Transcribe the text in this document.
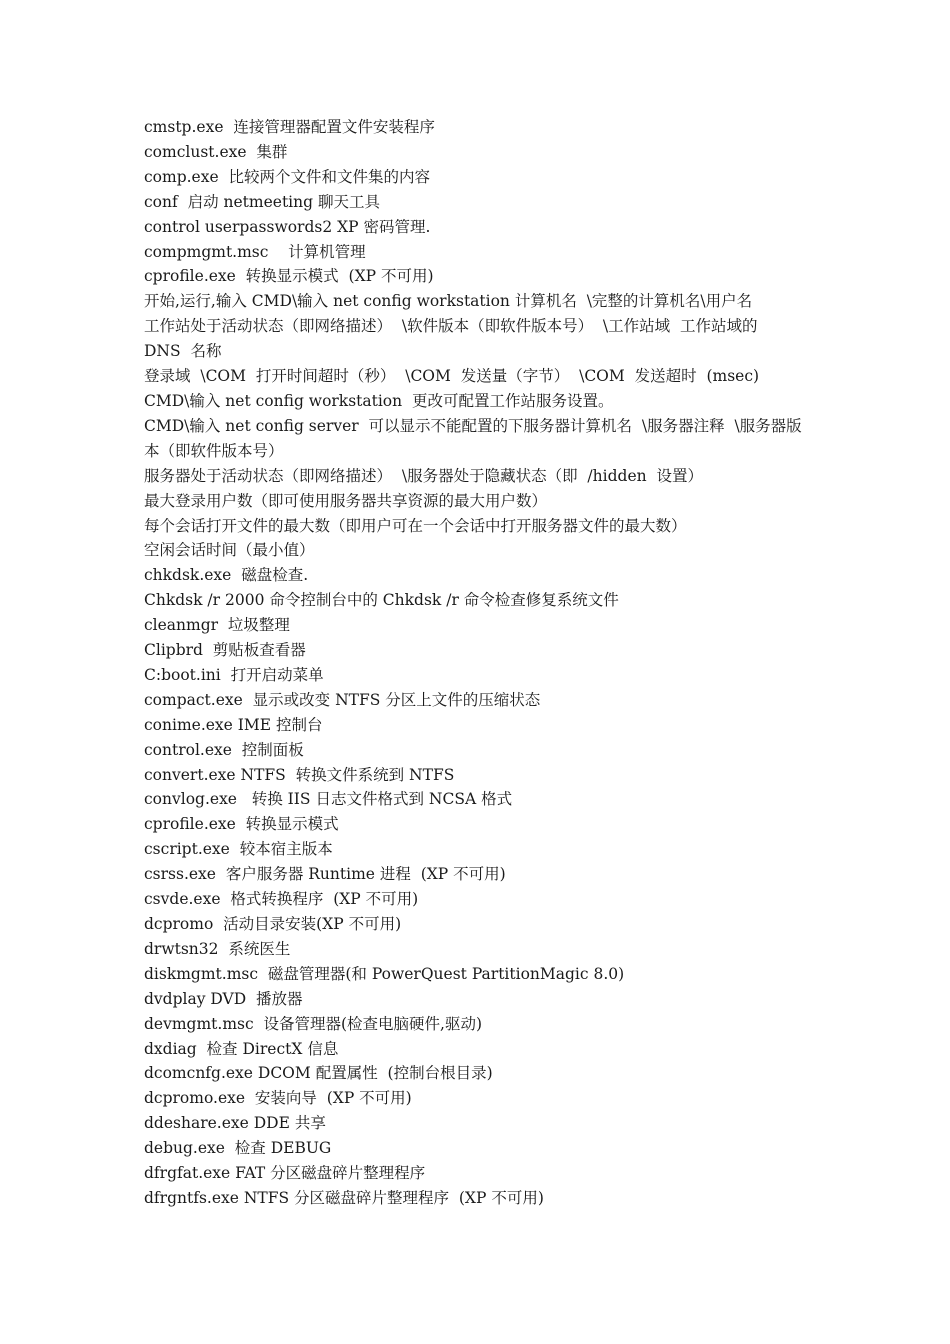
cmstp.exe  连接管理器配置文件安装程序
comclust.exe  集群
comp.exe  比较两个文件和文件集的内容
conf  启动 netmeeting 聊天工具
control userpasswords2 XP 密码管理.
compmgmt.msc    计算机管理
cprofile.exe  转换显示模式  (XP 不可用)
开始,运行,输入 CMD\输入 net config workstation 计算机名  \完整的计算机名\用户名
工作站处于活动状态（即网络描述）  \软件版本（即软件版本号）  \工作站域  工作站域的
DNS  名称
登录域  \COM  打开时间超时（秒）  \COM  发送量（字节）  \COM  发送超时  (msec)
CMD\输入 net config workstation  更改可配置工作站服务设置。
CMD\输入 net config server  可以显示不能配置的下服务器计算机名  \服务器注释  \服务器版
本（即软件版本号）
服务器处于活动状态（即网络描述）  \服务器处于隐藏状态（即  /hidden  设置）
最大登录用户数（即可使用服务器共享资源的最大用户数）
每个会话打开文件的最大数（即用户可在一个会话中打开服务器文件的最大数）
空闲会话时间（最小值）
chkdsk.exe  磁盘检查.
Chkdsk /r 2000 命令控制台中的 Chkdsk /r 命令检查修复系统文件
cleanmgr  垃圾整理
Clipbrd  剪贴板查看器
C:boot.ini  打开启动菜单
compact.exe  显示或改变 NTFS 分区上文件的压缩状态
conime.exe IME 控制台
control.exe  控制面板
convert.exe NTFS  转换文件系统到 NTFS
convlog.exe   转换 IIS 日志文件格式到 NCSA 格式
cprofile.exe  转换显示模式
cscript.exe  较本宿主版本
csrss.exe  客户服务器 Runtime 进程  (XP 不可用)
csvde.exe  格式转换程序  (XP 不可用)
dcpromo  活动目录安装(XP 不可用)
drwtsn32  系统医生
diskmgmt.msc  磁盘管理器(和 PowerQuest PartitionMagic 8.0)
dvdplay DVD  播放器
devmgmt.msc  设备管理器(检查电脑硬件,驱动)
dxdiag  检查 DirectX 信息
dcomcnfg.exe DCOM 配置属性  (控制台根目录)
dcpromo.exe  安装向导  (XP 不可用)
ddeshare.exe DDE 共享
debug.exe  检查 DEBUG
dfrgfat.exe FAT 分区磁盘碎片整理程序
dfrgntfs.exe NTFS 分区磁盘碎片整理程序  (XP 不可用)
